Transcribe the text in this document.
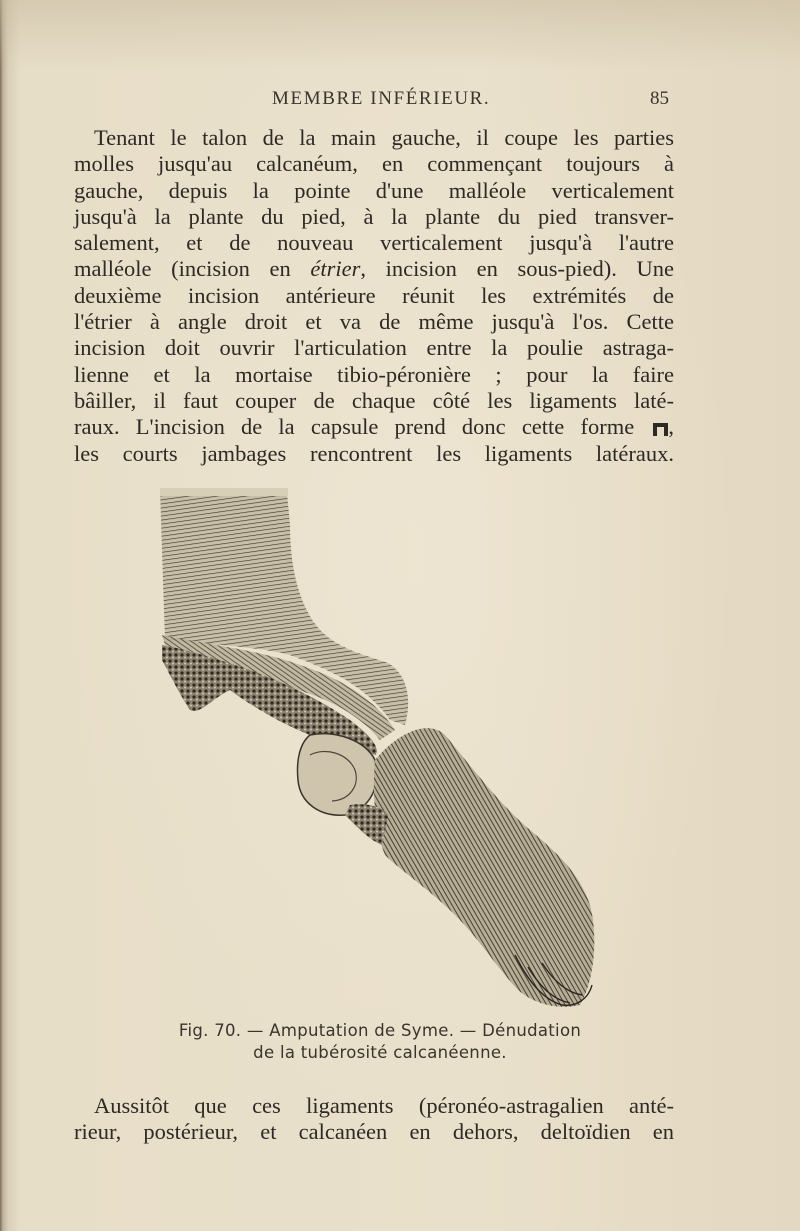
MEMBRE INFÉRIEUR.	85
Tenant le talon de la main gauche, il coupe les parties
molles jusqu'au calcanéum, en commençant toujours à
gauche, depuis la pointe d'une malléole verticalement
jusqu'à la plante du pied, à la plante du pied transver-
salement, et de nouveau verticalement jusqu'à l'autre
malléole (incision en étrier, incision en sous-pied). Une
deuxième incision antérieure réunit les extrémités de
l'étrier à angle droit et va de même jusqu'à l'os. Cette
incision doit ouvrir l'articulation entre la poulie astraga-
lienne et la mortaise tibio-péronière ; pour la faire
bâiller, il faut couper de chaque côté les ligaments laté-
raux. L'incision de la capsule prend donc cette forme ,
les courts jambages rencontrent les ligaments latéraux.
Fig. 70. — Amputation de Syme. — Dénudation
de la tubérosité calcanéenne.
Aussitôt que ces ligaments (péronéo-astragalien anté-
rieur, postérieur, et calcanéen en dehors, deltoïdien en
